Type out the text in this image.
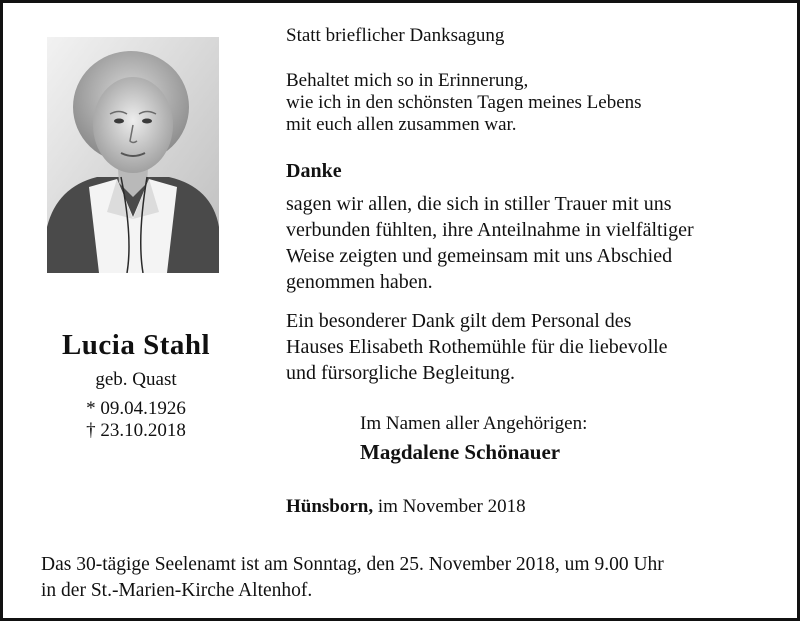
Lucia Stahl
geb. Quast
* 09.04.1926
† 23.10.2018
Statt brieflicher Danksagung
Behaltet mich so in Erinnerung,
wie ich in den schönsten Tagen meines Lebens
mit euch allen zusammen war.
Danke
sagen wir allen, die sich in stiller Trauer mit uns
verbunden fühlten, ihre Anteilnahme in vielfältiger
Weise zeigten und gemeinsam mit uns Abschied
genommen haben.
Ein besonderer Dank gilt dem Personal des
Hauses Elisabeth Rothemühle für die liebevolle
und fürsorgliche Begleitung.
Im Namen aller Angehörigen:
Magdalene Schönauer
Hünsborn, im November 2018
Das 30-tägige Seelenamt ist am Sonntag, den 25. November 2018, um 9.00 Uhr
in der St.-Marien-Kirche Altenhof.
